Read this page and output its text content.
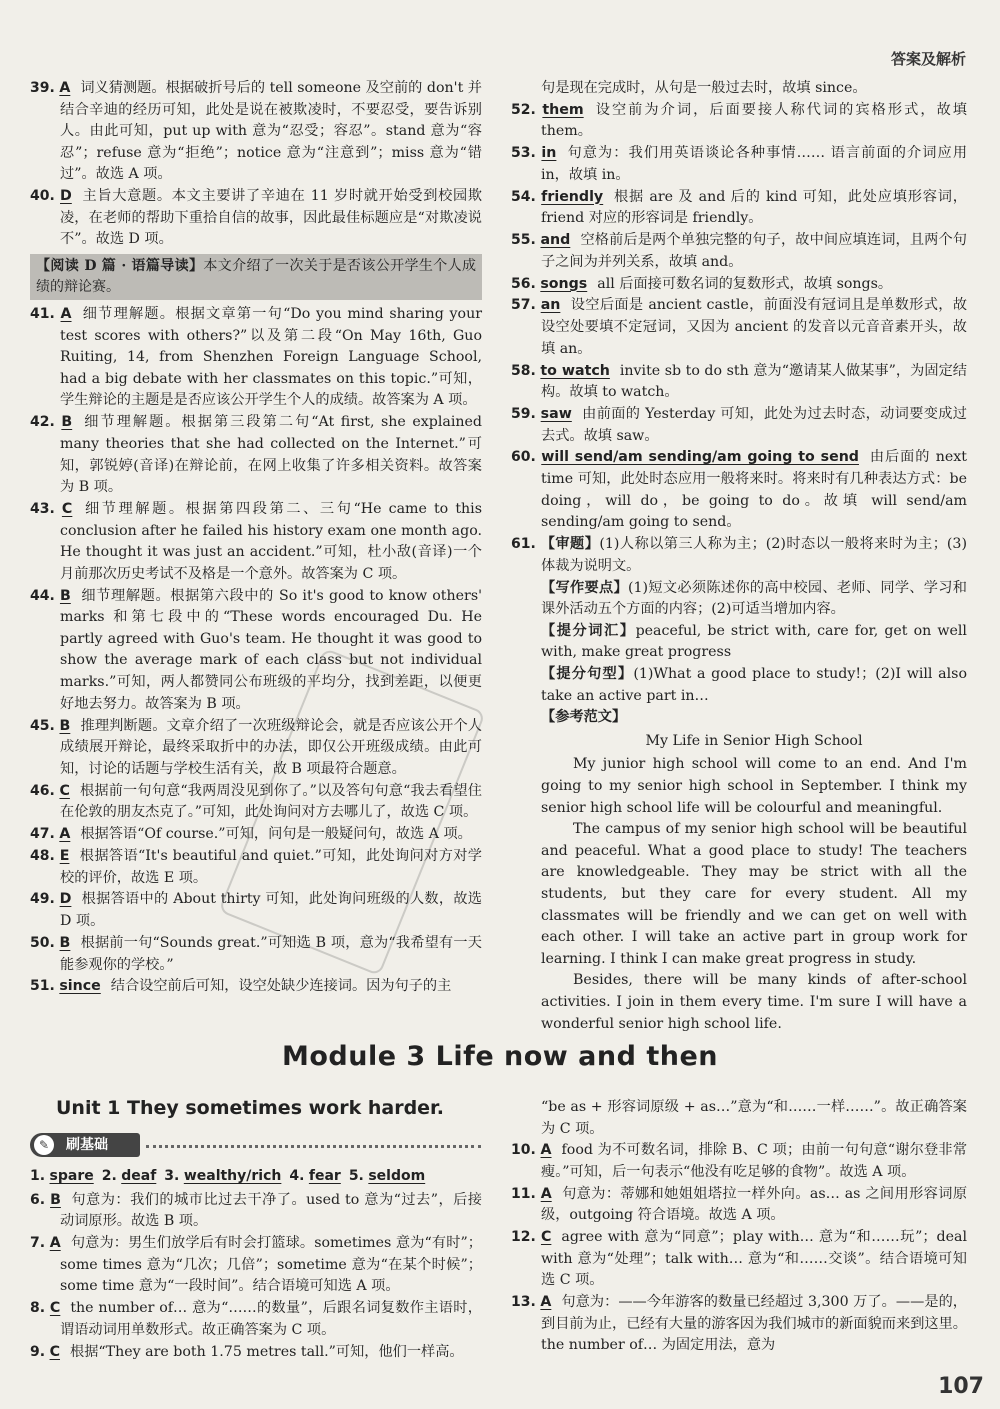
答案及解析
39. A 词义猜测题。根据破折号后的 tell someone 及空前的 don't 并结合辛迪的经历可知，此处是说在被欺凌时，不要忍受，要告诉别人。由此可知，put up with 意为“忍受；容忍”。stand 意为“容忍”；refuse 意为“拒绝”；notice 意为“注意到”；miss 意为“错过”。故选 A 项。
40. D 主旨大意题。本文主要讲了辛迪在 11 岁时就开始受到校园欺凌，在老师的帮助下重拾自信的故事，因此最佳标题应是“对欺凌说不”。故选 D 项。
【阅读 D 篇 · 语篇导读】本文介绍了一次关于是否该公开学生个人成绩的辩论赛。
41. A 细节理解题。根据文章第一句“Do you mind sharing your test scores with others?”以及第二段“On May 16th, Guo Ruiting, 14, from Shenzhen Foreign Language School, had a big debate with her classmates on this topic.”可知，学生辩论的主题是是否应该公开学生个人的成绩。故答案为 A 项。
42. B 细节理解题。根据第三段第二句“At first, she explained many theories that she had collected on the Internet.”可知，郭锐婷(音译)在辩论前，在网上收集了许多相关资料。故答案为 B 项。
43. C 细节理解题。根据第四段第二、三句“He came to this conclusion after he failed his history exam one month ago. He thought it was just an accident.”可知，杜小敌(音译)一个月前那次历史考试不及格是一个意外。故答案为 C 项。
44. B 细节理解题。根据第六段中的 So it's good to know others' marks 和第七段中的“These words encouraged Du. He partly agreed with Guo's team. He thought it was good to show the average mark of each class but not individual marks.”可知，两人都赞同公布班级的平均分，找到差距，以便更好地去努力。故答案为 B 项。
45. B 推理判断题。文章介绍了一次班级辩论会，就是否应该公开个人成绩展开辩论，最终采取折中的办法，即仅公开班级成绩。由此可知，讨论的话题与学校生活有关，故 B 项最符合题意。
46. C 根据前一句句意“我两周没见到你了。”以及答句句意“我去看望住在伦敦的朋友杰克了。”可知，此处询问对方去哪儿了，故选 C 项。
47. A 根据答语“Of course.”可知，问句是一般疑问句，故选 A 项。
48. E 根据答语“It's beautiful and quiet.”可知，此处询问对方对学校的评价，故选 E 项。
49. D 根据答语中的 About thirty 可知，此处询问班级的人数，故选 D 项。
50. B 根据前一句“Sounds great.”可知选 B 项，意为“我希望有一天能参观你的学校。”
51. since 结合设空前后可知，设空处缺少连接词。因为句子的主

句是现在完成时，从句是一般过去时，故填 since。

52. them 设空前为介词，后面要接人称代词的宾格形式，故填 them。
53. in 句意为：我们用英语谈论各种事情…… 语言前面的介词应用 in，故填 in。
54. friendly 根据 are 及 and 后的 kind 可知，此处应填形容词，friend 对应的形容词是 friendly。
55. and 空格前后是两个单独完整的句子，故中间应填连词，且两个句子之间为并列关系，故填 and。
56. songs all 后面接可数名词的复数形式，故填 songs。
57. an 设空后面是 ancient castle，前面没有冠词且是单数形式，故设空处要填不定冠词，又因为 ancient 的发音以元音音素开头，故填 an。
58. to watch invite sb to do sth 意为“邀请某人做某事”，为固定结构。故填 to watch。
59. saw 由前面的 Yesterday 可知，此处为过去时态，动词要变成过去式。故填 saw。
60. will send/am sending/am going to send 由后面的 next time 可知，此处时态应用一般将来时。将来时有几种表达方式：be doing，will do，be going to do。故填 will send/am sending/am going to send。
61. 【审题】(1)人称以第三人称为主；(2)时态以一般将来时为主；(3)体裁为说明文。
【写作要点】(1)短文必须陈述你的高中校园、老师、同学、学习和课外活动五个方面的内容；(2)可适当增加内容。
【提分词汇】peaceful, be strict with, care for, get on well with, make great progress
【提分句型】(1)What a good place to study!；(2)I will also take an active part in…
【参考范文】
My Life in Senior High School

My junior high school will come to an end. And I'm going to my senior high school in September. I think my senior high school life will be colourful and meaningful.

The campus of my senior high school will be beautiful and peaceful. What a good place to study! The teachers are knowledgeable. They may be strict with all the students, but they care for every student. All my classmates will be friendly and we can get on well with each other. I will take an active part in group work for learning. I think I can make great progress in study.

Besides, there will be many kinds of after-school activities. I join in them every time. I'm sure I will have a wonderful senior high school life.

Module 3 Life now and then
Unit 1 They sometimes work harder.
✎	刷基础
1. spare 2. deaf 3. wealthy/rich 4. fear 5. seldom
6. B 句意为：我们的城市比过去干净了。used to 意为“过去”，后接动词原形。故选 B 项。
7. A 句意为：男生们放学后有时会打篮球。sometimes 意为“有时”；some times 意为“几次；几倍”；sometime 意为“在某个时候”；some time 意为“一段时间”。结合语境可知选 A 项。
8. C the number of… 意为“……的数量”，后跟名词复数作主语时，谓语动词用单数形式。故正确答案为 C 项。
9. C 根据“They are both 1.75 metres tall.”可知，他们一样高。

“be as + 形容词原级 + as…”意为“和……一样……”。故正确答案为 C 项。

10. A food 为不可数名词，排除 B、C 项；由前一句句意“谢尔登非常瘦。”可知，后一句表示“他没有吃足够的食物”。故选 A 项。
11. A 句意为：蒂娜和她姐姐塔拉一样外向。as… as 之间用形容词原级，outgoing 符合语境。故选 A 项。
12. C agree with 意为“同意”；play with… 意为“和……玩”；deal with 意为“处理”；talk with… 意为“和……交谈”。结合语境可知选 C 项。
13. A 句意为：——今年游客的数量已经超过 3,300 万了。——是的，到目前为止，已经有大量的游客因为我们城市的新面貌而来到这里。the number of… 为固定用法，意为
107
